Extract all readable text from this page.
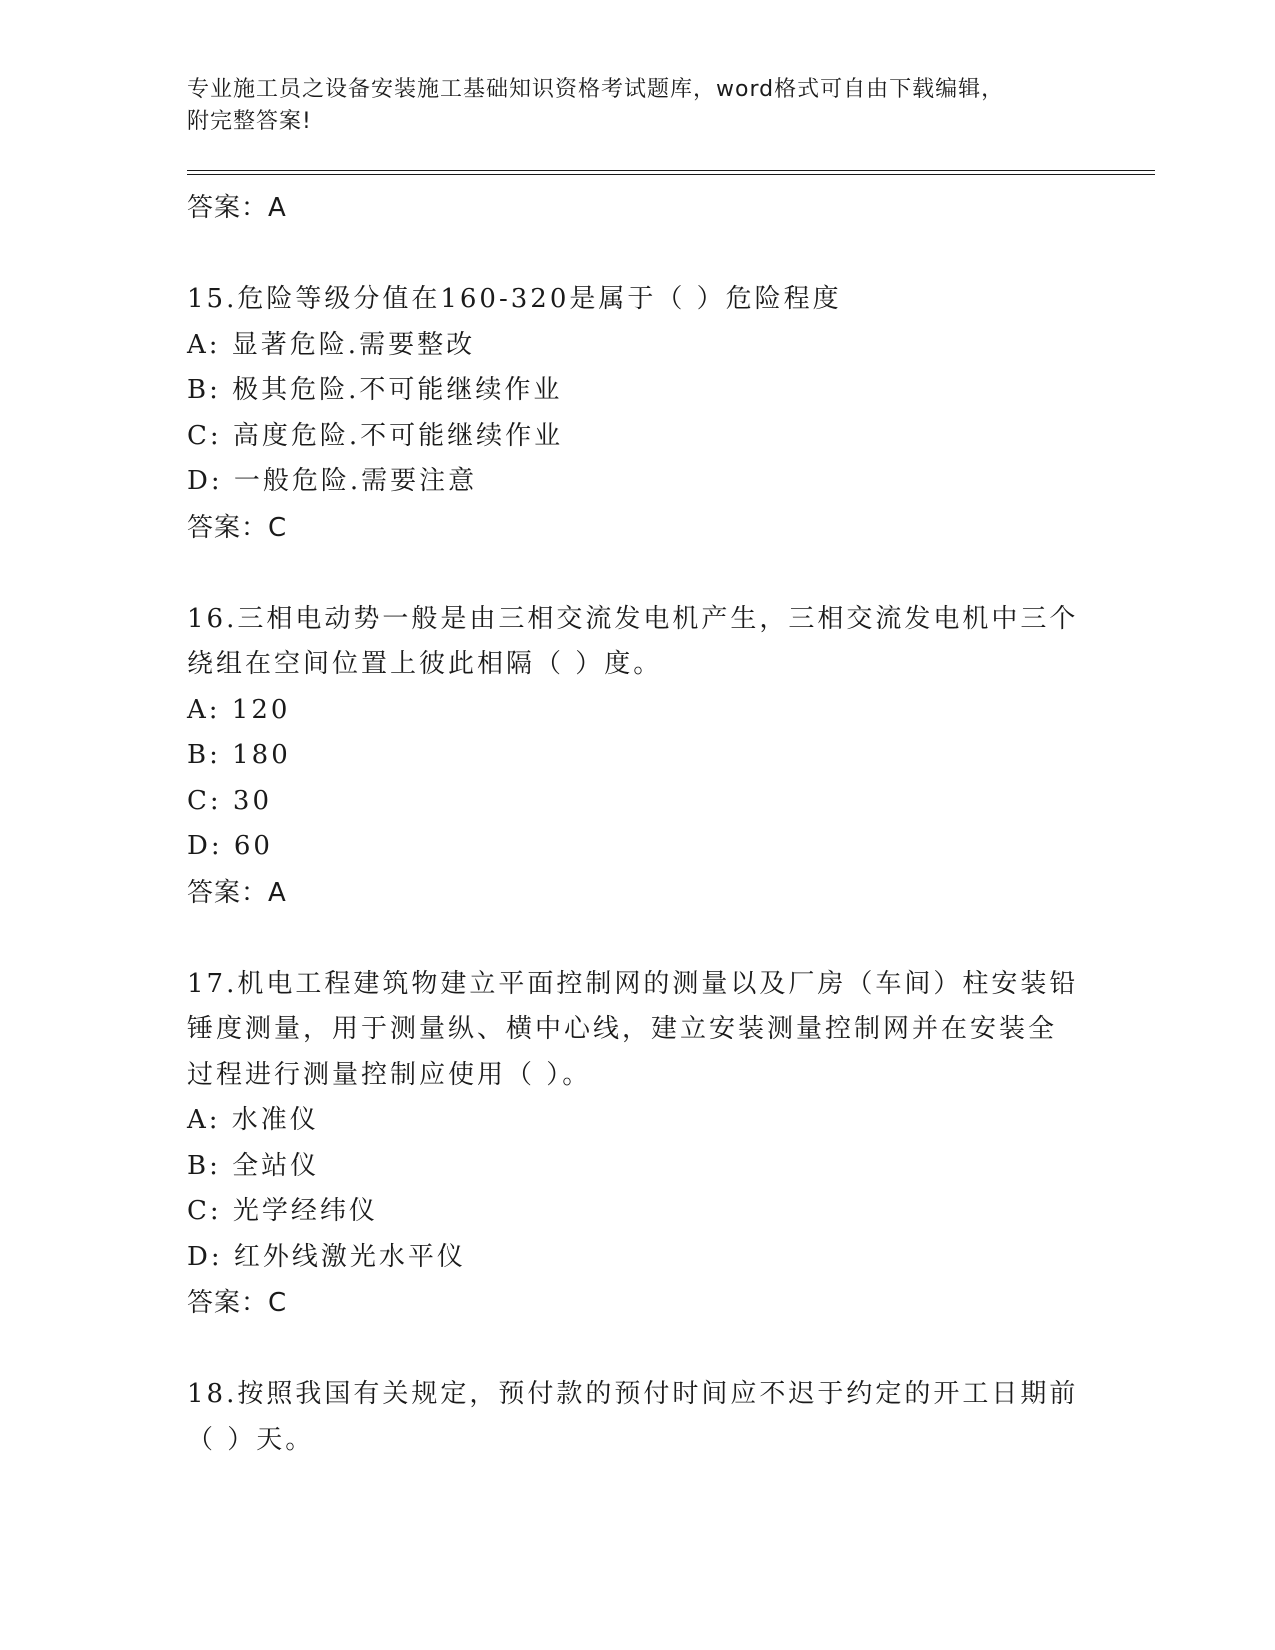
专业施工员之设备安装施工基础知识资格考试题库，word格式可自由下载编辑，
附完整答案!
答案：A
15.危险等级分值在160-320是属于（ ）危险程度
A: 显著危险.需要整改
B: 极其危险.不可能继续作业
C: 高度危险.不可能继续作业
D: 一般危险.需要注意
答案：C
16.三相电动势一般是由三相交流发电机产生，三相交流发电机中三个
绕组在空间位置上彼此相隔（ ）度。
A: 120
B: 180
C: 30
D: 60
答案：A
17.机电工程建筑物建立平面控制网的测量以及厂房（车间）柱安装铅
锤度测量，用于测量纵、横中心线，建立安装测量控制网并在安装全
过程进行测量控制应使用（ ）。
A: 水准仪
B: 全站仪
C: 光学经纬仪
D: 红外线激光水平仪
答案：C
18.按照我国有关规定，预付款的预付时间应不迟于约定的开工日期前
（ ）天。
